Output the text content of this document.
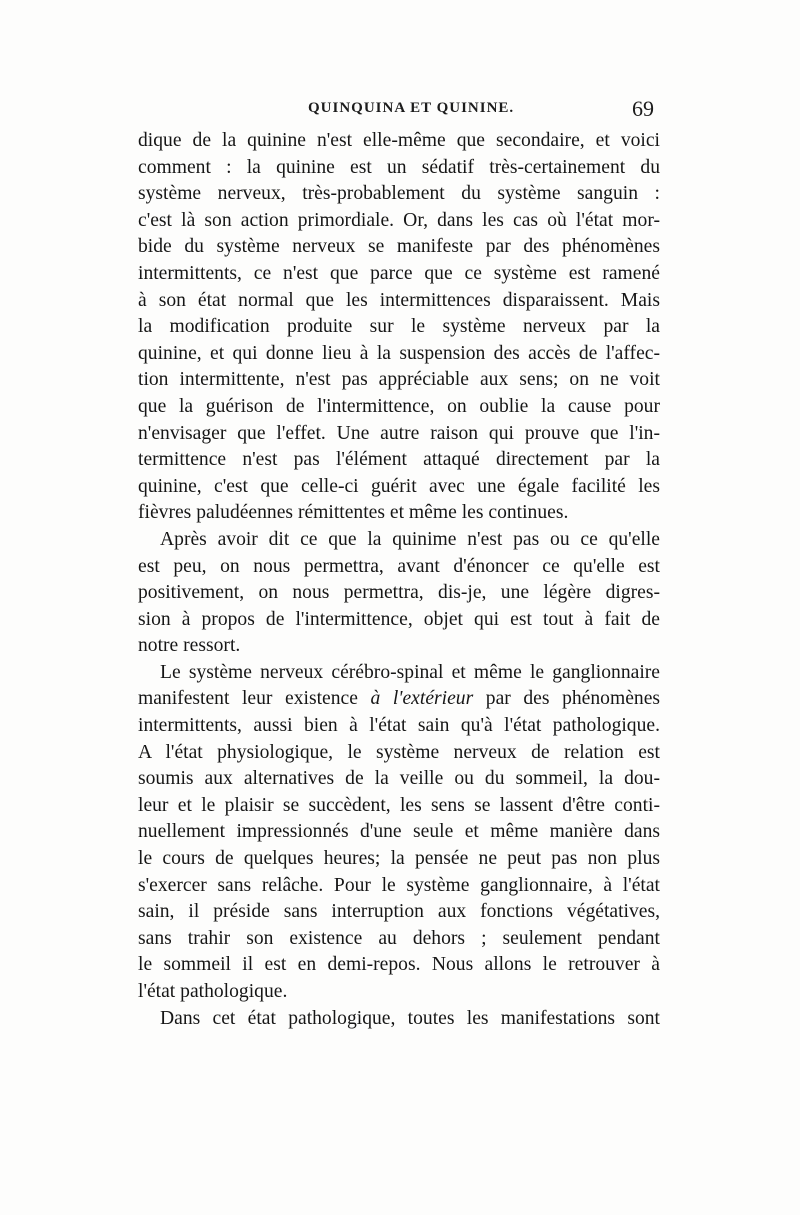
QUINQUINA ET QUININE.	69
dique de la quinine n'est elle-même que secondaire, et voici
comment : la quinine est un sédatif très-certainement du
système nerveux, très-probablement du système sanguin :
c'est là son action primordiale. Or, dans les cas où l'état mor-
bide du système nerveux se manifeste par des phénomènes
intermittents, ce n'est que parce que ce système est ramené
à son état normal que les intermittences disparaissent. Mais
la modification produite sur le système nerveux par la
quinine, et qui donne lieu à la suspension des accès de l'affec-
tion intermittente, n'est pas appréciable aux sens; on ne voit
que la guérison de l'intermittence, on oublie la cause pour
n'envisager que l'effet. Une autre raison qui prouve que l'in-
termittence n'est pas l'élément attaqué directement par la
quinine, c'est que celle-ci guérit avec une égale facilité les
fièvres paludéennes rémittentes et même les continues.
Après avoir dit ce que la quinime n'est pas ou ce qu'elle
est peu, on nous permettra, avant d'énoncer ce qu'elle est
positivement, on nous permettra, dis-je, une légère digres-
sion à propos de l'intermittence, objet qui est tout à fait de
notre ressort.
Le système nerveux cérébro-spinal et même le ganglionnaire
manifestent leur existence à l'extérieur par des phénomènes
intermittents, aussi bien à l'état sain qu'à l'état pathologique.
A l'état physiologique, le système nerveux de relation est
soumis aux alternatives de la veille ou du sommeil, la dou-
leur et le plaisir se succèdent, les sens se lassent d'être conti-
nuellement impressionnés d'une seule et même manière dans
le cours de quelques heures; la pensée ne peut pas non plus
s'exercer sans relâche. Pour le système ganglionnaire, à l'état
sain, il préside sans interruption aux fonctions végétatives,
sans trahir son existence au dehors ; seulement pendant
le sommeil il est en demi-repos. Nous allons le retrouver à
l'état pathologique.
Dans cet état pathologique, toutes les manifestations sont
